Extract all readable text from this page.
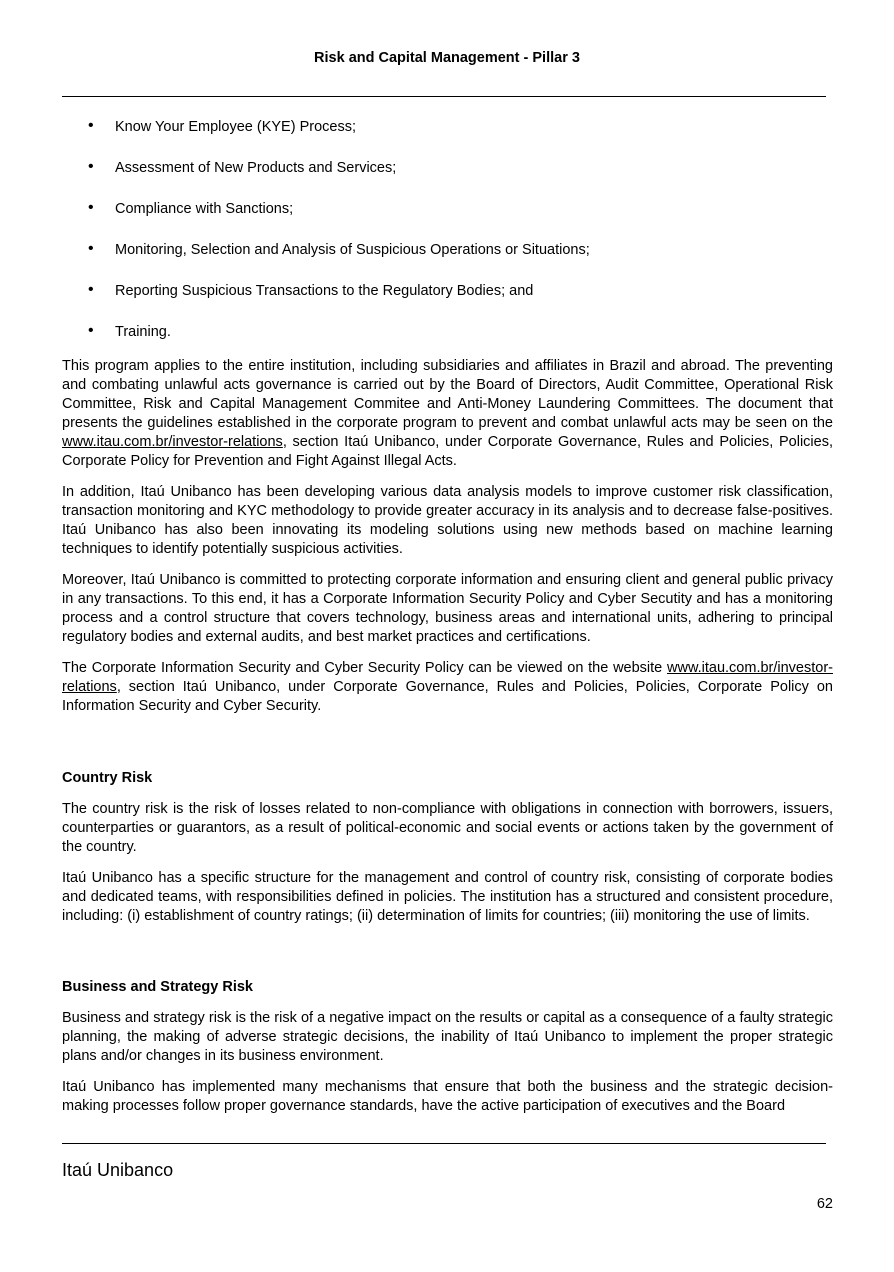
Risk and Capital Management - Pillar 3
• Know Your Employee (KYE) Process;
• Assessment of New Products and Services;
• Compliance with Sanctions;
• Monitoring, Selection and Analysis of Suspicious Operations or Situations;
• Reporting Suspicious Transactions to the Regulatory Bodies; and
• Training.

This program applies to the entire institution, including subsidiaries and affiliates in Brazil and abroad. The preventing and combating unlawful acts governance is carried out by the Board of Directors, Audit Committee, Operational Risk Committee, Risk and Capital Management Commitee and Anti-Money Laundering Committees. The document that presents the guidelines established in the corporate program to prevent and combat unlawful acts may be seen on the www.itau.com.br/investor-relations, section Itaú Unibanco, under Corporate Governance, Rules and Policies, Policies, Corporate Policy for Prevention and Fight Against Illegal Acts.

In addition, Itaú Unibanco has been developing various data analysis models to improve customer risk classification, transaction monitoring and KYC methodology to provide greater accuracy in its analysis and to decrease false-positives. Itaú Unibanco has also been innovating its modeling solutions using new methods based on machine learning techniques to identify potentially suspicious activities.

Moreover, Itaú Unibanco is committed to protecting corporate information and ensuring client and general public privacy in any transactions. To this end, it has a Corporate Information Security Policy and Cyber Secutity and has a monitoring process and a control structure that covers technology, business areas and international units, adhering to principal regulatory bodies and external audits, and best market practices and certifications.

The Corporate Information Security and Cyber Security Policy can be viewed on the website www.itau.com.br/investor-relations, section Itaú Unibanco, under Corporate Governance, Rules and Policies, Policies, Corporate Policy on Information Security and Cyber Security.

Country Risk

The country risk is the risk of losses related to non-compliance with obligations in connection with borrowers, issuers, counterparties or guarantors, as a result of political-economic and social events or actions taken by the government of the country.

Itaú Unibanco has a specific structure for the management and control of country risk, consisting of corporate bodies and dedicated teams, with responsibilities defined in policies. The institution has a structured and consistent procedure, including: (i) establishment of country ratings; (ii) determination of limits for countries; (iii) monitoring the use of limits.

Business and Strategy Risk

Business and strategy risk is the risk of a negative impact on the results or capital as a consequence of a faulty strategic planning, the making of adverse strategic decisions, the inability of Itaú Unibanco to implement the proper strategic plans and/or changes in its business environment.

Itaú Unibanco has implemented many mechanisms that ensure that both the business and the strategic decision-making processes follow proper governance standards, have the active participation of executives and the Board

Itaú Unibanco
62
